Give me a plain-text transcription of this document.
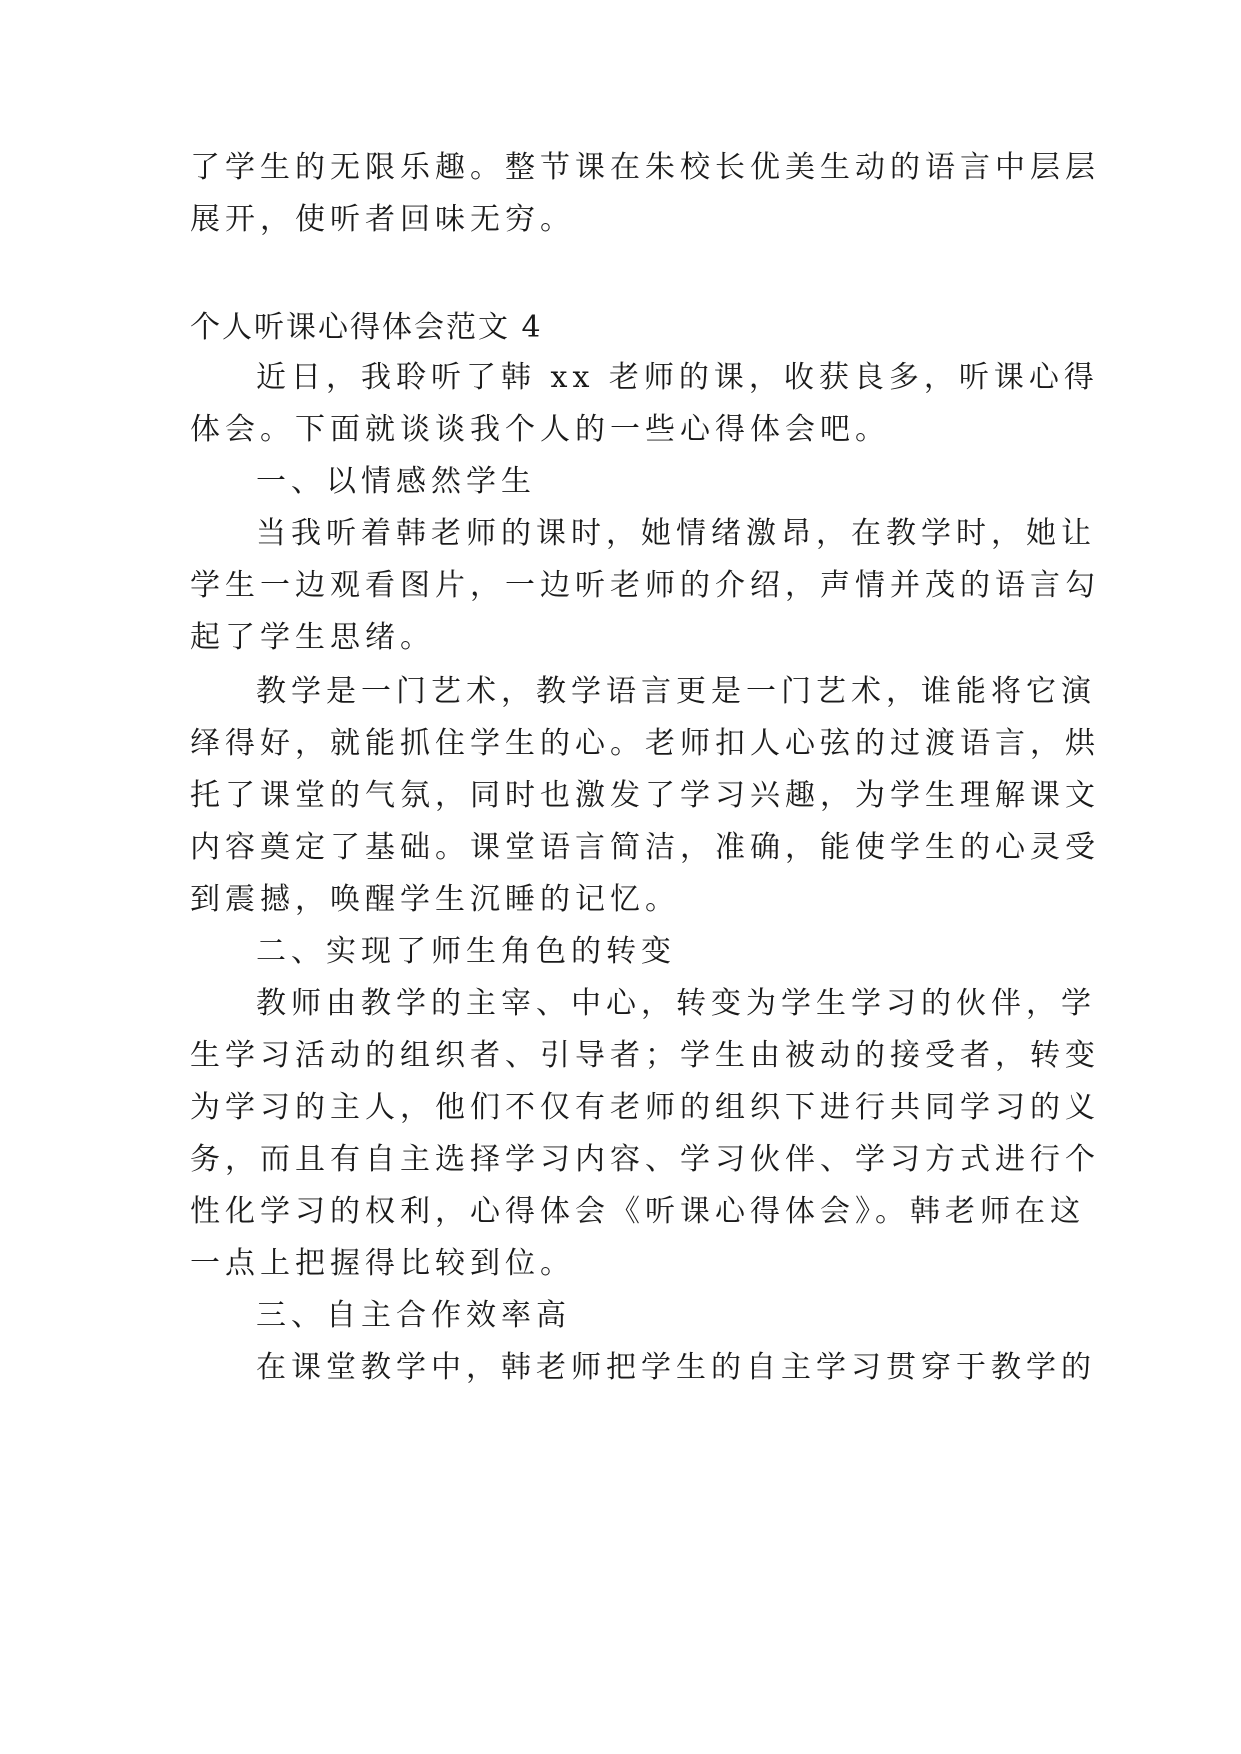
了学生的无限乐趣。整节课在朱校长优美生动的语言中层层
展开，使听者回味无穷。
个人听课心得体会范文 4
近日，我聆听了韩 xx 老师的课，收获良多，听课心得
体会。下面就谈谈我个人的一些心得体会吧。
一、以情感然学生
当我听着韩老师的课时，她情绪激昂，在教学时，她让
学生一边观看图片，一边听老师的介绍，声情并茂的语言勾
起了学生思绪。
教学是一门艺术，教学语言更是一门艺术，谁能将它演
绎得好，就能抓住学生的心。老师扣人心弦的过渡语言，烘
托了课堂的气氛，同时也激发了学习兴趣，为学生理解课文
内容奠定了基础。课堂语言简洁，准确，能使学生的心灵受
到震撼，唤醒学生沉睡的记忆。
二、实现了师生角色的转变
教师由教学的主宰、中心，转变为学生学习的伙伴，学
生学习活动的组织者、引导者；学生由被动的接受者，转变
为学习的主人，他们不仅有老师的组织下进行共同学习的义
务，而且有自主选择学习内容、学习伙伴、学习方式进行个
性化学习的权利，心得体会《听课心得体会》。韩老师在这
一点上把握得比较到位。
三、自主合作效率高
在课堂教学中，韩老师把学生的自主学习贯穿于教学的
